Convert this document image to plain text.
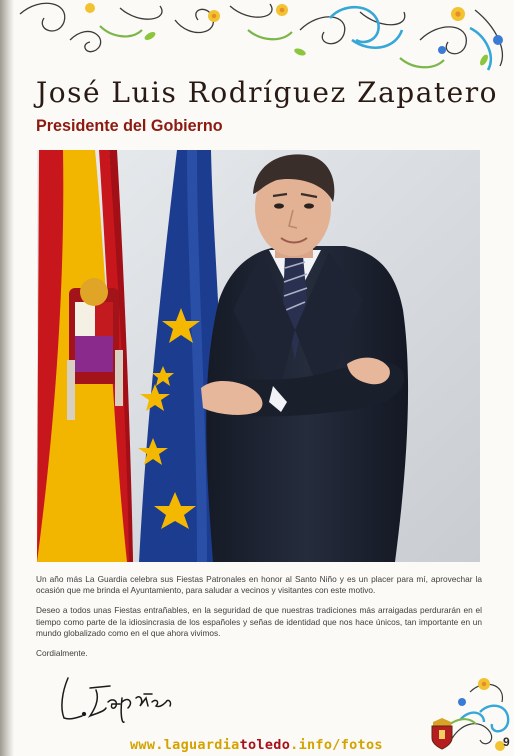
José Luis Rodríguez Zapatero
Presidente del Gobierno

Un año más La Guardia celebra sus Fiestas Patronales en honor al Santo Niño y es un placer para mí, aprovechar la ocasión que me brinda el Ayuntamiento, para saludar a vecinos y visitantes con este motivo.

Deseo a todos unas Fiestas entrañables, en la seguridad de que nuestras tradiciones más arraigadas perdurarán en el tiempo como parte de la idiosincrasia de los españoles y señas de identidad que nos hace únicos, tan importante en un mundo globalizado como en el que ahora vivimos.

Cordialmente.

www.laguardiatoledo.info/fotos	9
